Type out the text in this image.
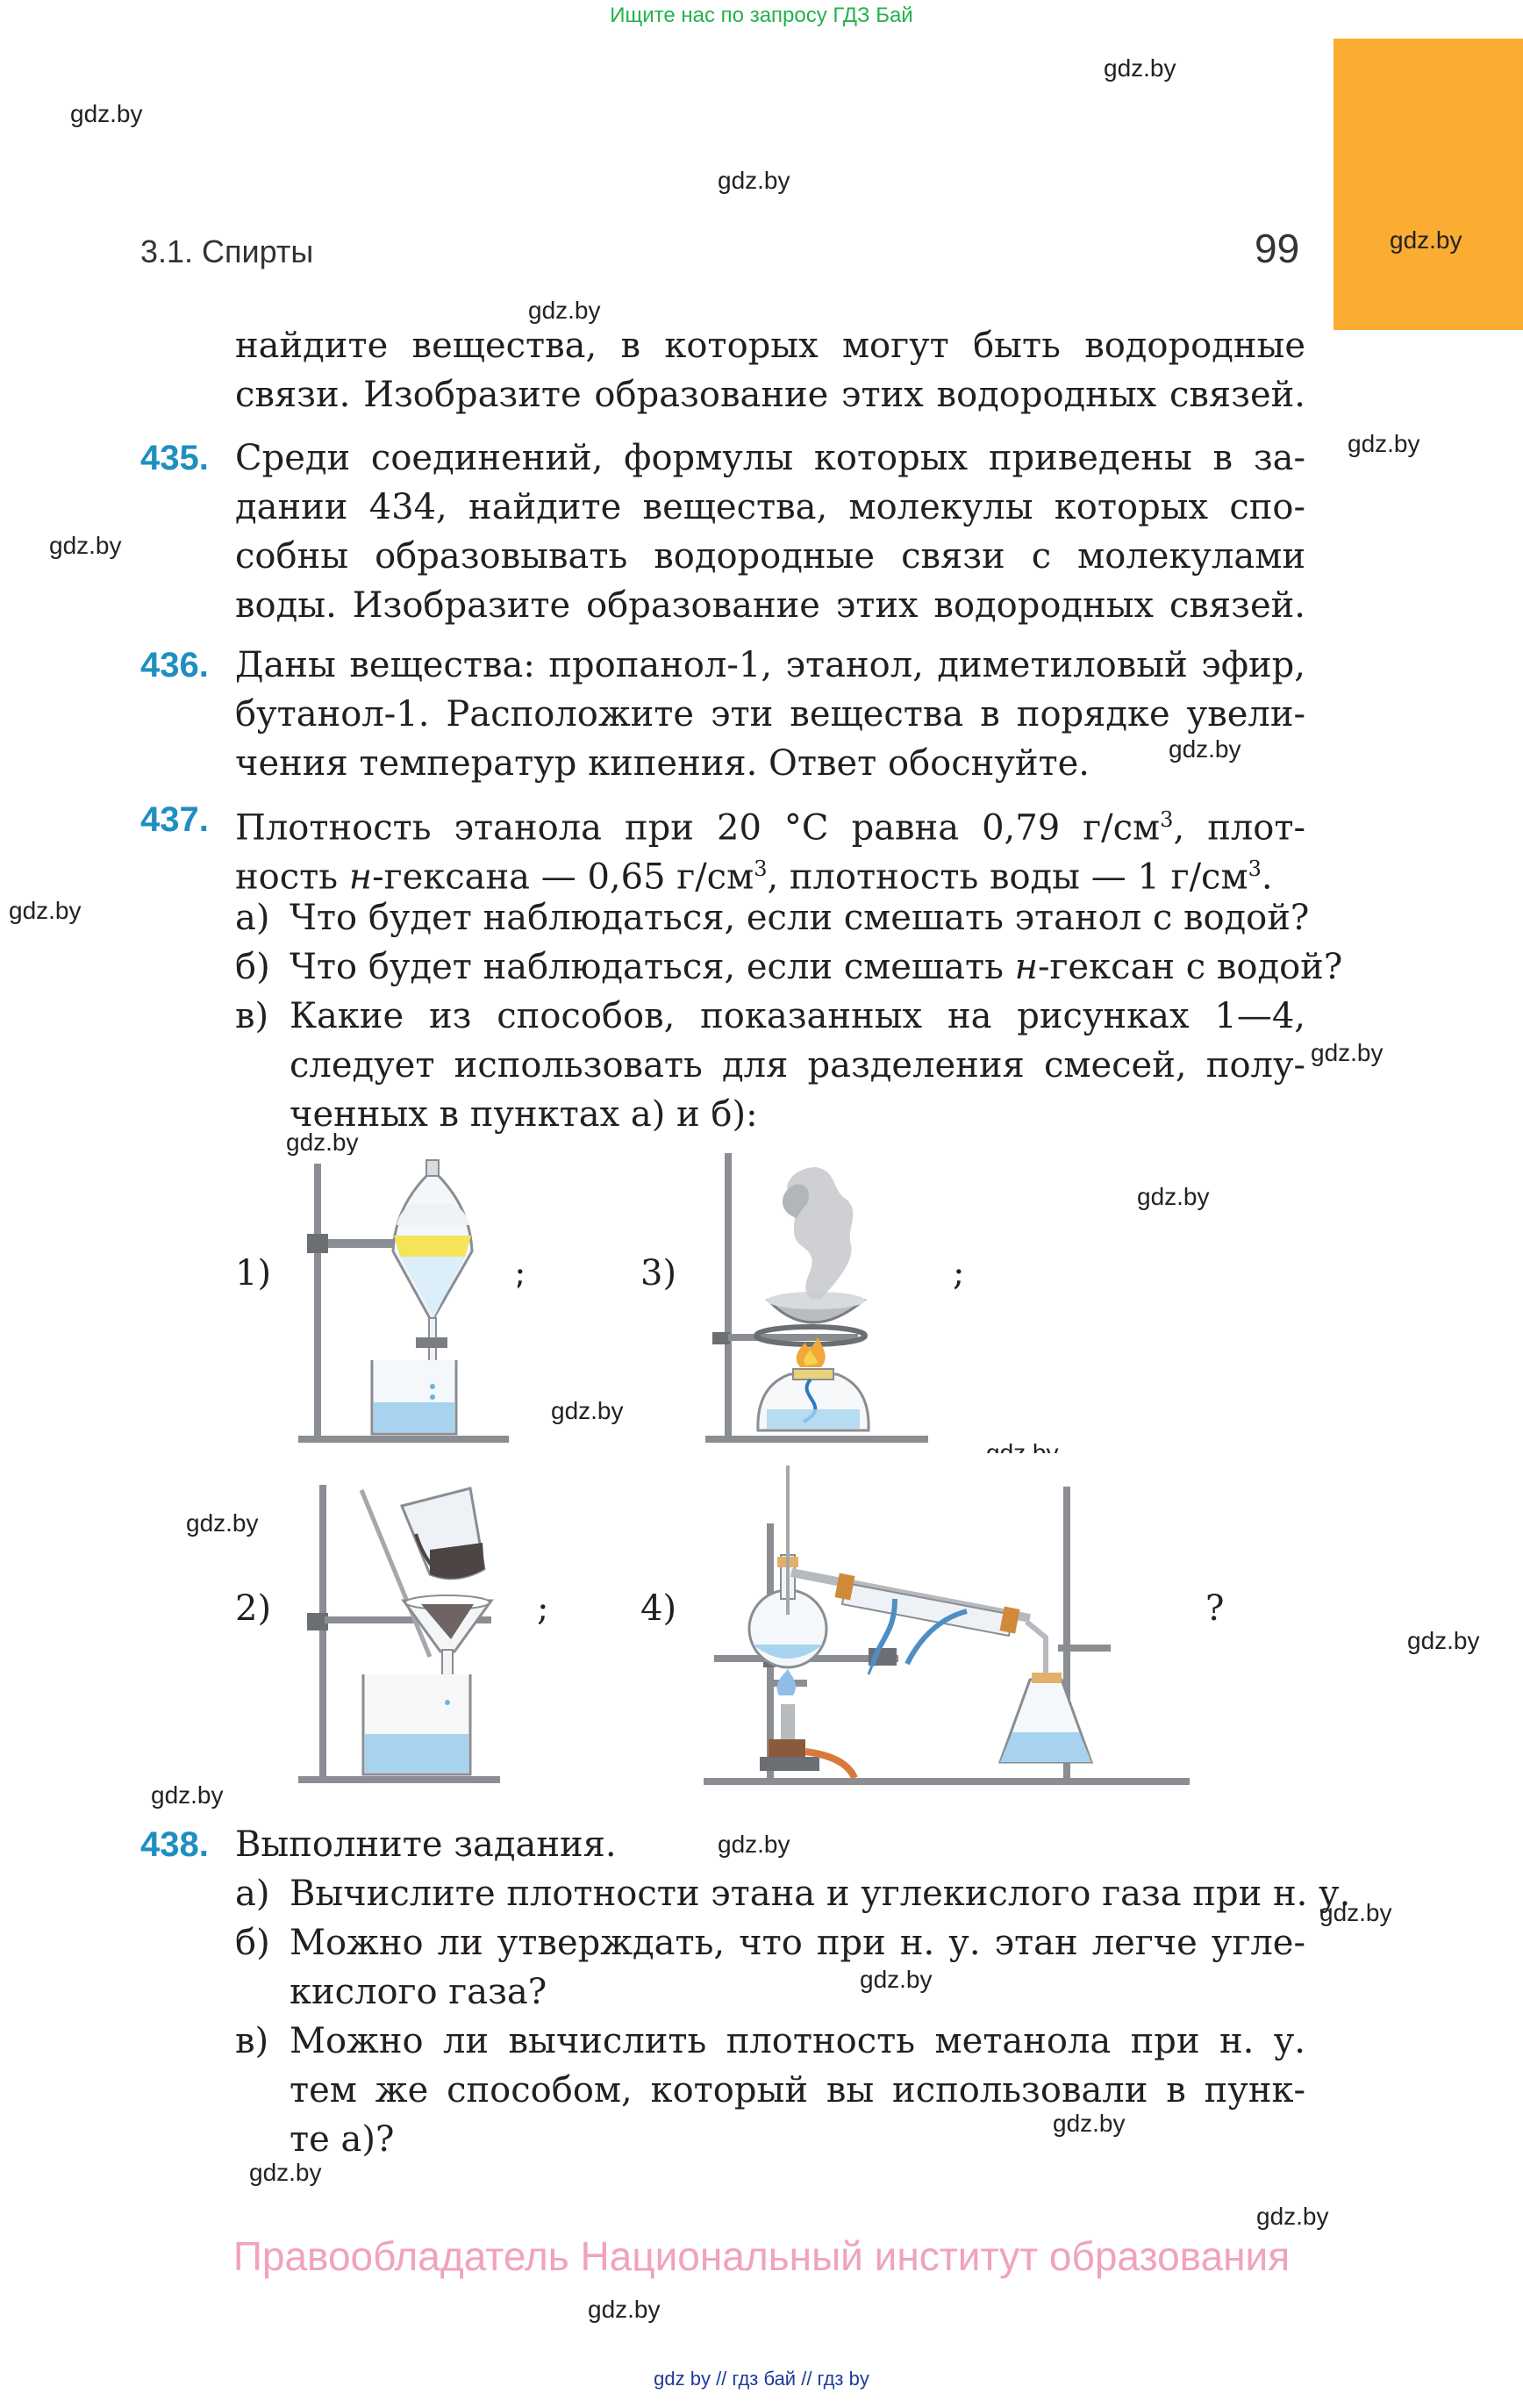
Ищите нас по запросу ГДЗ Бай
3.1. Спирты	99
gdz.by
gdz.by
gdz.by
gdz.by
gdz.by
gdz.by
gdz.by
gdz.by
gdz.by
gdz.by
gdz.by
gdz.by
gdz.by
gdz.by
gdz.by
gdz.by
gdz.by
gdz.by
gdz.by
gdz.by
gdz.by
gdz.by
gdz.by
gdz.by
найдите вещества, в которых могут быть водородные
связи. Изобразите образование этих водородных связей.
435. Среди соединений, формулы которых приведены в за-
дании 434, найдите вещества, молекулы которых спо-
собны образовывать водородные связи с молекулами
воды. Изобразите образование этих водородных связей.
436. Даны вещества: пропанол-1, этанол, диметиловый эфир,
бутанол-1. Расположите эти вещества в порядке увели-
чения температур кипения. Ответ обоснуйте.
437. Плотность этанола при 20 °C равна 0,79 $г/см^3$, плот-
ность н-гексана — 0,65 $г/см^3$, плотность воды — 1 $г/см^3$.
а) Что будет наблюдаться, если смешать этанол с водой?
б) Что будет наблюдаться, если смешать н-гексан с водой?
в) Какие из способов, показанных на рисунках 1—4,
следует использовать для разделения смесей, полу-
ченных в пунктах а) и б):
1)	;	3)	;
2)	;	4)	?
438. Выполните задания.
а) Вычислите плотности этана и углекислого газа при н. у.
б) Можно ли утверждать, что при н. у. этан легче угле-
кислого газа?
в) Можно ли вычислить плотность метанола при н. у.
тем же способом, который вы использовали в пунк-
те а)?
Правообладатель Национальный институт образования
gdz by // гдз бай // гдз by
